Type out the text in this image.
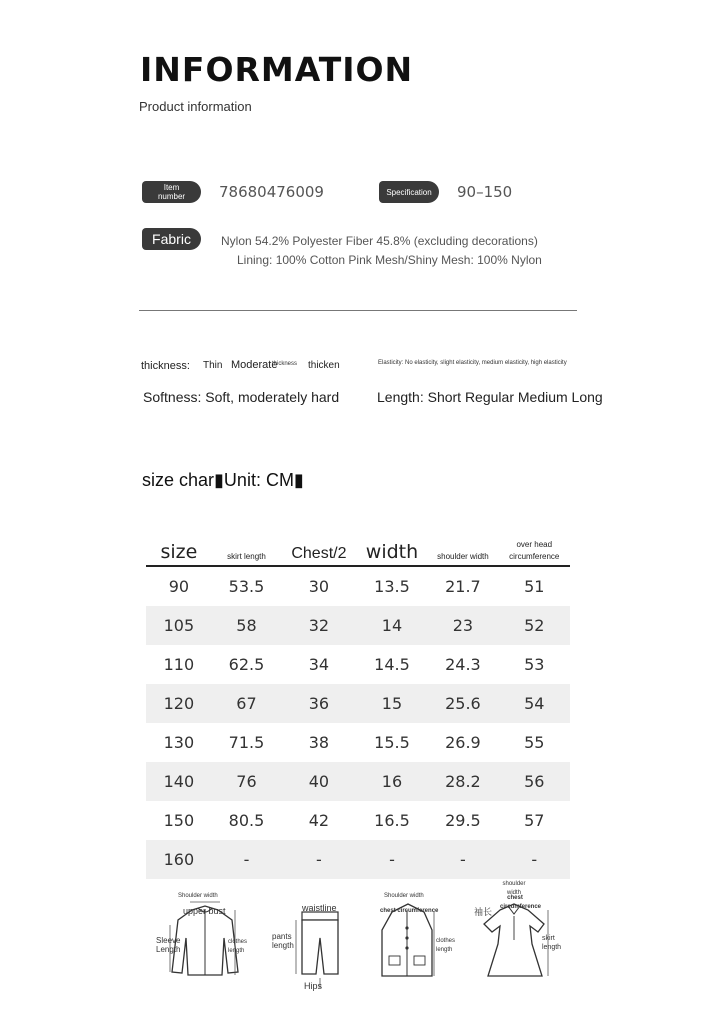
INFORMATION
Product information
Item number 78680476009	Specification 90–150
Fabric	Nylon 54.2% Polyester Fiber 45.8% (excluding decorations)
Lining: 100% Cotton Pink Mesh/Shiny Mesh: 100% Nylon
thickness: Thin Moderate
thickness thicken	Elasticity: No elasticity, slight elasticity, medium elasticity, high elasticity
Softness: Soft, moderately hard	Length: Short Regular Medium Long
size char▮Unit: CM▮
size	skirt length	Chest/2	width	shoulder width	over head circumference
90	53.5	30	13.5	21.7	51
105	58	32	14	23	52
110	62.5	34	14.5	24.3	53
120	67	36	15	25.6	54
130	71.5	38	15.5	26.9	55
140	76	40	16	28.2	56
150	80.5	42	16.5	29.5	57
160	-	-	-	-	-
Shoulder width
upper bust
Sleeve Length
clothes length
waistline
pants length
Hips
Shoulder width
chest circumference
clothes length
shoulder width
chest circumference
袖长
skirt length
